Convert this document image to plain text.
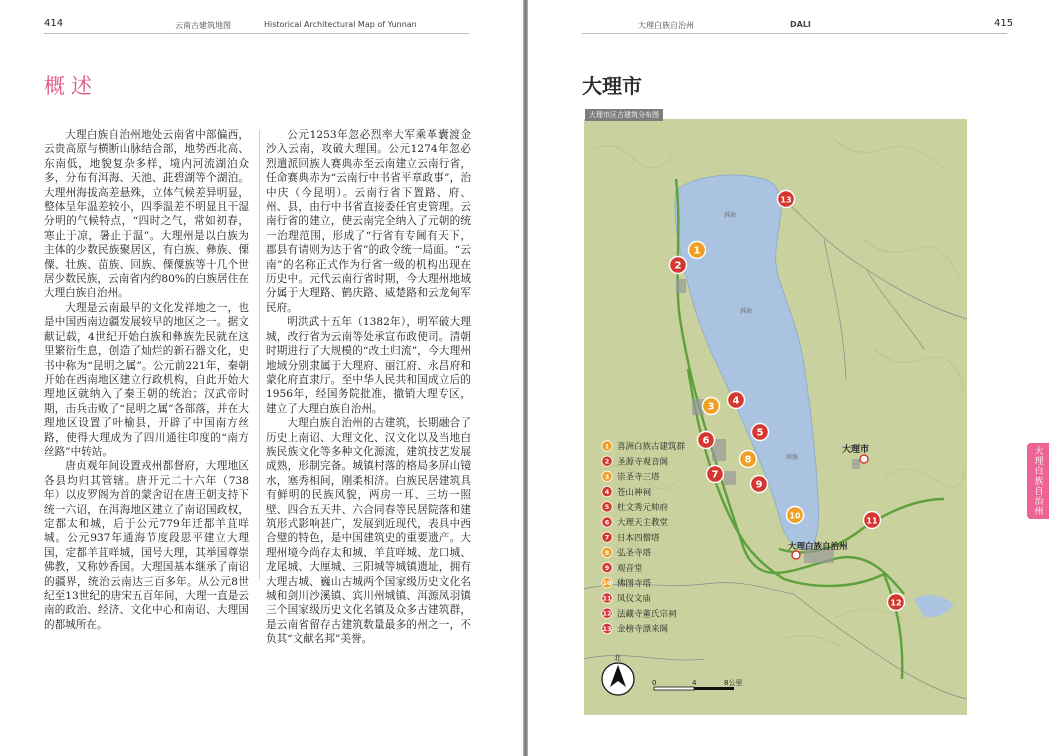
414	云南古建筑地图	Historical Architectural Map of Yunnan
概述

大理白族自治州地处云南省中部偏西，云贵高原与横断山脉结合部，地势西北高、东南低，地貌复杂多样，境内河流湖泊众多，分布有洱海、天池、茈碧湖等个湖泊。大理州海拔高差悬殊，立体气候差异明显，整体呈年温差较小，四季温差不明显且干湿分明的气候特点，“四时之气，常如初春，寒止于凉，暑止于温”。大理州是以白族为主体的少数民族聚居区，有白族、彝族、傈僳、壮族、苗族、回族、傈僳族等十几个世居少数民族，云南省内约80%的白族居住在大理白族自治州。

大理是云南最早的文化发祥地之一，也是中国西南边疆发展较早的地区之一。据文献记载，4世纪开始白族和彝族先民就在这里繁衍生息，创造了灿烂的新石器文化，史书中称为“昆明之属”。公元前221年，秦朝开始在西南地区建立行政机构，自此开始大理地区就纳入了秦王朝的统治；汉武帝时期，击兵击败了“昆明之属”各部落，并在大理地区设置了叶榆县，开辟了中国南方丝路，使得大理成为了四川通往印度的“南方丝路”中转站。

唐贞观年间设置戎州都督府，大理地区各县均归其管辖。唐开元二十六年（738年）以皮罗阁为首的蒙舍诏在唐王朝支持下统一六诏，在洱海地区建立了南诏国政权，定都太和城，后于公元779年迁都羊苴咩城。公元937年通海节度段思平建立大理国，定都羊苴咩城，国号大理，其举国尊崇佛教，又称妙香国。大理国基本继承了南诏的疆界，统治云南达三百多年。从公元8世纪至13世纪的唐宋五百年间，大理一直是云南的政治、经济、文化中心和南诏、大理国的都城所在。

公元1253年忽必烈率大军乘革囊渡金沙入云南，攻破大理国。公元1274年忽必烈遣派回族人赛典赤至云南建立云南行省，任命赛典赤为“云南行中书省平章政事”，治中庆（今昆明）。云南行省下置路、府、州、县，由行中书省直接委任官吏管理。云南行省的建立，使云南完全纳入了元朝的统一治理范围，形成了“行省有专阃有天下，郡县有请则为达于省”的政令统一局面。“云南”的名称正式作为行省一级的机构出现在历史中。元代云南行省时期，今大理州地域分属于大理路、鹤庆路、威楚路和云龙甸军民府。

明洪武十五年（1382年），明军破大理城，改行省为云南等处承宣布政使司。清朝时期进行了大规模的“改土归流”，今大理州地域分别隶属于大理府、丽江府、永昌府和蒙化府直隶厅。至中华人民共和国成立后的1956年，经国务院批准，撤销大理专区，建立了大理白族自治州。

大理白族自治州的古建筑，长期融合了历史上南诏、大理文化、汉文化以及当地白族民族文化等多种文化源流，建筑技艺发展成熟，形制完备。城镇村落的格局多屏山镜水，塞秀相间，刚柔相济。白族民居建筑具有鲜明的民族风貌，两房一耳、三坊一照壁、四合五天井、六合同春等民居院落和建筑形式影响甚广，发展到近现代，表具中西合璧的特色，是中国建筑史的重要遗产。大理州境今尚存太和城、羊苴咩城、龙口城、龙尾城、大厘城、三阳城等城镇遗址，拥有大理古城、巍山古城两个国家级历史文化名城和剑川沙溪镇、宾川州城镇、洱源凤羽镇三个国家级历史文化名镇及众多古建筑群，是云南省留存古建筑数量最多的州之一，不负其“文献名邦”美誉。

大理白族自治州	DALI	415
大理市
洱海
洱海
洱海
1
2
3
4
5
6
7
8
9
10
11
12
13
大理市
大理白族自治州
1 喜洲白族古建筑群
2 圣源寺观音阁
3 崇圣寺三塔
4 苍山神祠
5 杜文秀元帅府
6 大理天主教堂
7 日本四僧塔
8 弘圣寺塔
9 观音堂
10 佛图寺塔
11 凤仪文庙
12 法藏寺董氏宗祠
13 金榜寺漂来阁
北
0	4	8公里
大理市区古建筑分布图
大理白族自治州
